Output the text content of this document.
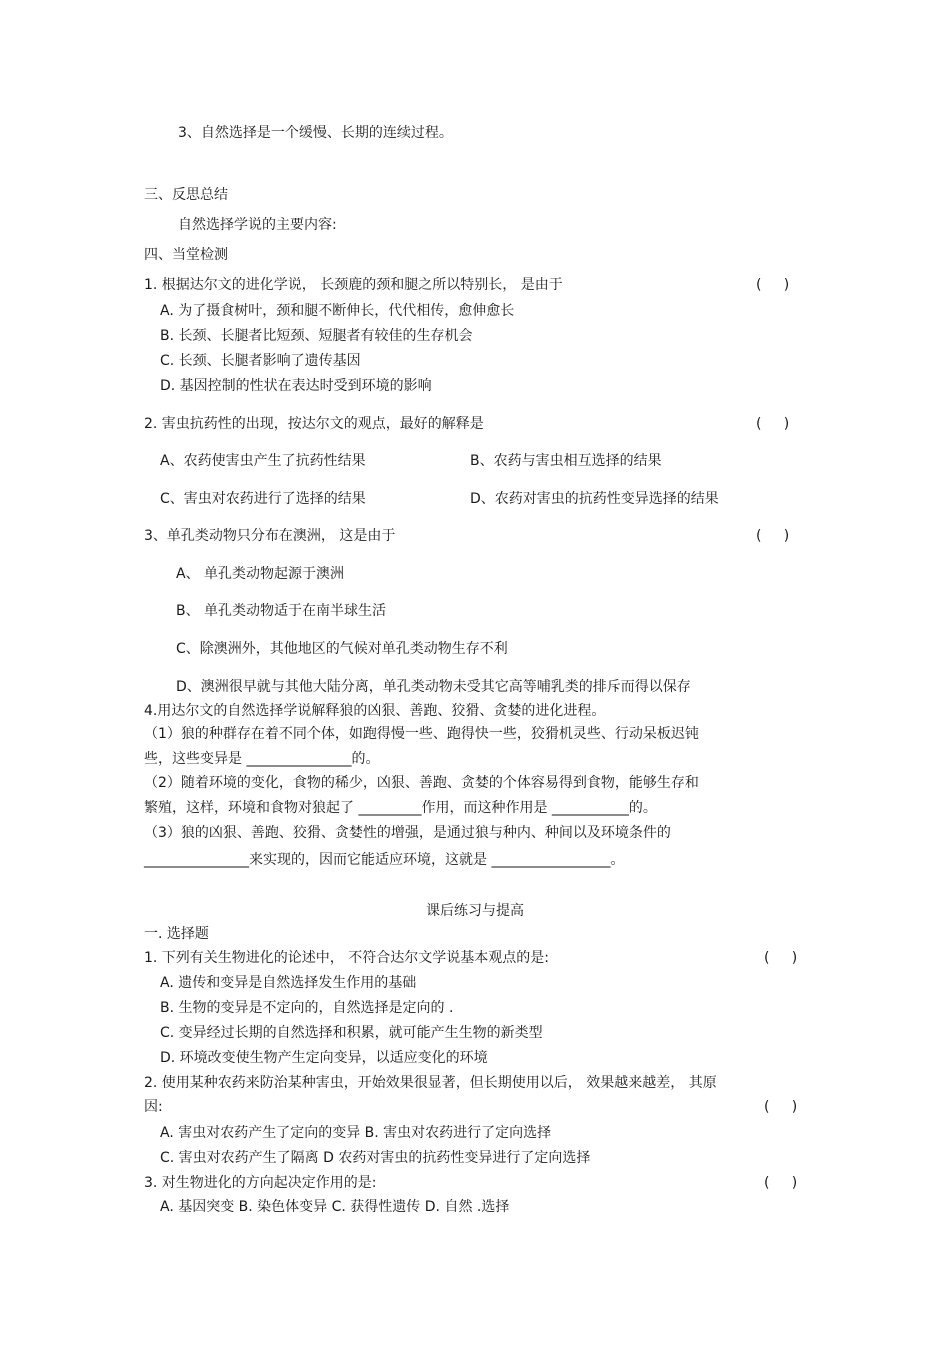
3、自然选择是一个缓慢、长期的连续过程。
三、反思总结
自然选择学说的主要内容:
四、当堂检测
1. 根据达尔文的进化学说， 长颈鹿的颈和腿之所以特别长， 是由于	(     )
A. 为了摄食树叶，颈和腿不断伸长，代代相传，愈伸愈长
B. 长颈、长腿者比短颈、短腿者有较佳的生存机会
C. 长颈、长腿者影响了遗传基因
D. 基因控制的性状在表达时受到环境的影响
2. 害虫抗药性的出现，按达尔文的观点，最好的解释是	(     )
A、农药使害虫产生了抗药性结果	B、农药与害虫相互选择的结果
C、害虫对农药进行了选择的结果	D、农药对害虫的抗药性变异选择的结果
3、单孔类动物只分布在澳洲， 这是由于	(     )
A、 单孔类动物起源于澳洲
B、 单孔类动物适于在南半球生活
C、除澳洲外，其他地区的气候对单孔类动物生存不利
D、澳洲很早就与其他大陆分离，单孔类动物未受其它高等哺乳类的排斥而得以保存
4.用达尔文的自然选择学说解释狼的凶狠、善跑、狡猾、贪婪的进化进程。
（1）狼的种群存在着不同个体，如跑得慢一些、跑得快一些，狡猾机灵些、行动呆板迟钝
些，这些变异是 _______________的。
（2）随着环境的变化，食物的稀少，凶狠、善跑、贪婪的个体容易得到食物，能够生存和
繁殖，这样，环境和食物对狼起了 _________作用，而这种作用是 ___________的。
（3）狼的凶狠、善跑、狡猾、贪婪性的增强，是通过狼与种内、种间以及环境条件的
_______________来实现的，因而它能适应环境，这就是 _________________。
课后练习与提高
一. 选择题
1. 下列有关生物进化的论述中， 不符合达尔文学说基本观点的是:	(     )
A. 遗传和变异是自然选择发生作用的基础
B. 生物的变异是不定向的，自然选择是定向的 .
C. 变异经过长期的自然选择和积累，就可能产生生物的新类型
D. 环境改变使生物产生定向变异，以适应变化的环境
2. 使用某种农药来防治某种害虫，开始效果很显著，但长期使用以后， 效果越来越差， 其原
因:	(     )
A. 害虫对农药产生了定向的变异 B. 害虫对农药进行了定向选择
C. 害虫对农药产生了隔离 D 农药对害虫的抗药性变异进行了定向选择
3. 对生物进化的方向起决定作用的是:	(     )
A. 基因突变 B. 染色体变异 C. 获得性遗传 D. 自然 .选择
